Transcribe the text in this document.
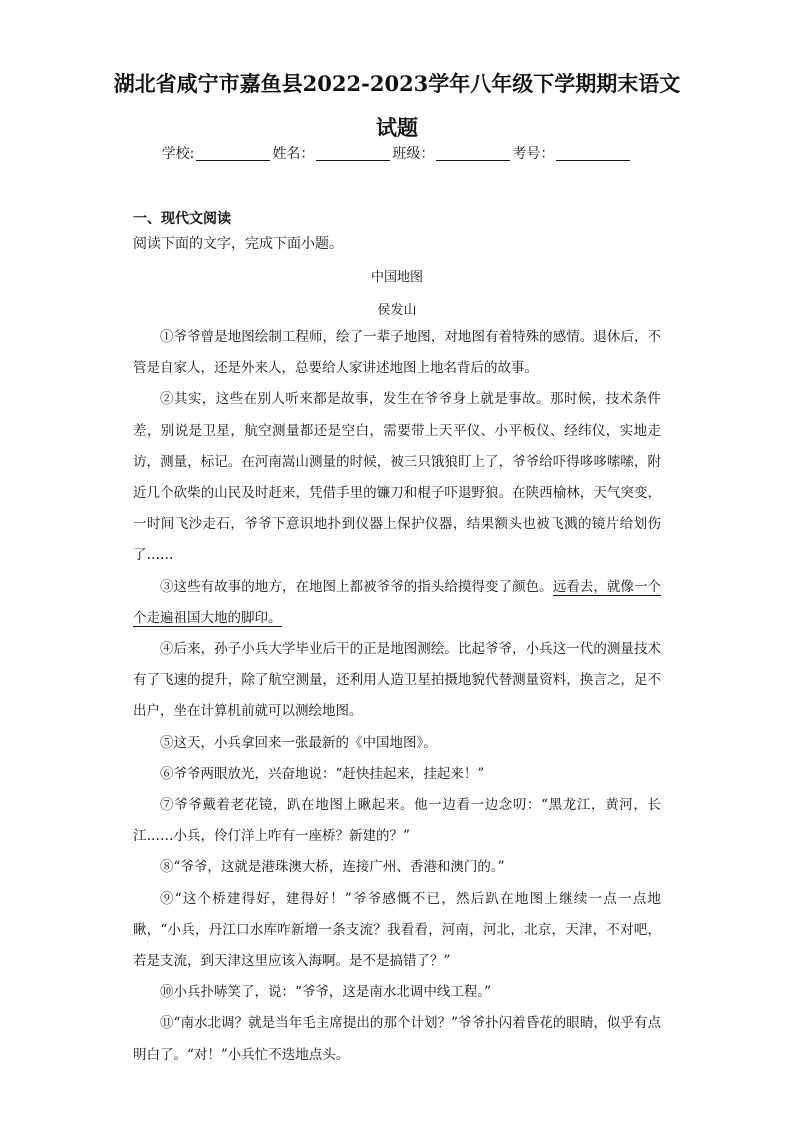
湖北省咸宁市嘉鱼县2022-2023学年八年级下学期期末语文试题
学校:	姓名：	班级：	考号：
一、现代文阅读
阅读下面的文字，完成下面小题。
中国地图
侯发山

①爷爷曾是地图绘制工程师，绘了一辈子地图，对地图有着特殊的感情。退休后，不管是自家人，还是外来人，总要给人家讲述地图上地名背后的故事。

②其实，这些在别人听来都是故事，发生在爷爷身上就是事故。那时候，技术条件差，别说是卫星，航空测量都还是空白，需要带上天平仪、小平板仪、经纬仪，实地走访，测量，标记。在河南嵩山测量的时候，被三只饿狼盯上了，爷爷给吓得哆哆嗦嗦，附近几个砍柴的山民及时赶来，凭借手里的镰刀和棍子吓退野狼。在陕西榆林，天气突变，一时间飞沙走石，爷爷下意识地扑到仪器上保护仪器，结果额头也被飞溅的镜片给划伤了……

③这些有故事的地方，在地图上都被爷爷的指头给摸得变了颜色。远看去，就像一个个走遍祖国大地的脚印。

④后来，孙子小兵大学毕业后干的正是地图测绘。比起爷爷，小兵这一代的测量技术有了飞速的提升，除了航空测量，还利用人造卫星拍摄地貌代替测量资料，换言之，足不出户，坐在计算机前就可以测绘地图。

⑤这天，小兵拿回来一张最新的《中国地图》。

⑥爷爷两眼放光，兴奋地说：“赶快挂起来，挂起来！”

⑦爷爷戴着老花镜，趴在地图上瞅起来。他一边看一边念叨：“黑龙江，黄河，长江……小兵，伶仃洋上咋有一座桥？新建的？”

⑧“爷爷，这就是港珠澳大桥，连接广州、香港和澳门的。”

⑨“这个桥建得好，建得好！”爷爷感慨不已，然后趴在地图上继续一点一点地瞅，“小兵，丹江口水库咋新增一条支流？我看看，河南，河北，北京，天津，不对吧，若是支流，到天津这里应该入海啊。是不是搞错了？”

⑩小兵扑哧笑了，说：“爷爷，这是南水北调中线工程。”

⑪“南水北调？就是当年毛主席提出的那个计划？”爷爷扑闪着昏花的眼睛，似乎有点明白了。“对！”小兵忙不迭地点头。
